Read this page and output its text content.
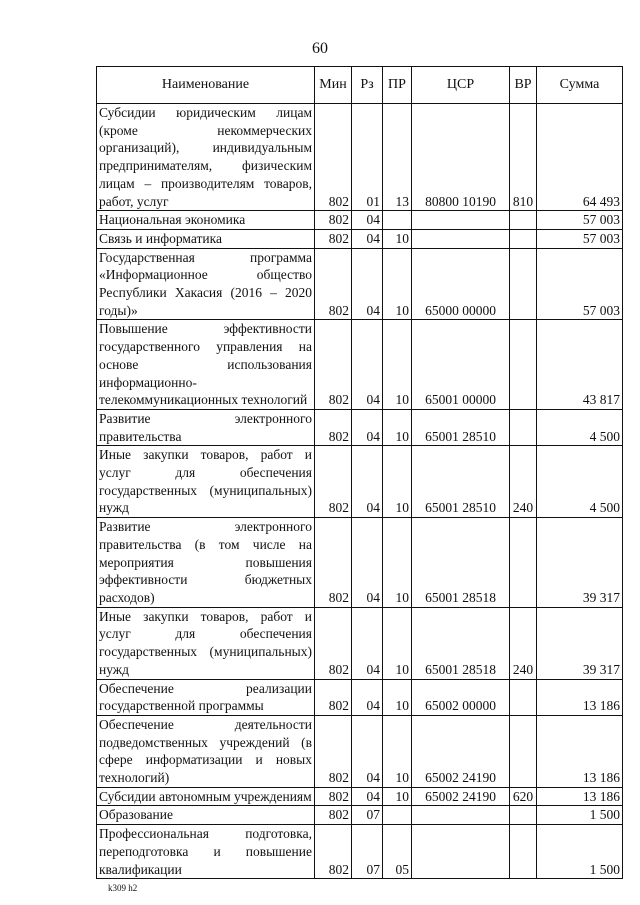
60
Наименование	Мин	Рз	ПР	ЦСР	ВР	Сумма
Субсидии юридическим лицам (кроме некоммерческих организаций), индивидуальным предпринимателям, физическим лицам – производителям товаров, работ, услуг	802	01	13	80800 10190	810	64 493
Национальная экономика	802	04				57 003
Связь и информатика	802	04	10			57 003
Государственная программа «Информационное общество Республики Хакасия (2016 – 2020 годы)»	802	04	10	65000 00000		57 003
Повышение эффективности государственного управления на основе использования информационно-телекоммуникационных технологий	802	04	10	65001 00000		43 817
Развитие электронного правительства	802	04	10	65001 28510		4 500
Иные закупки товаров, работ и услуг для обеспечения государственных (муниципальных) нужд	802	04	10	65001 28510	240	4 500
Развитие электронного правительства (в том числе на мероприятия повышения эффективности бюджетных расходов)	802	04	10	65001 28518		39 317
Иные закупки товаров, работ и услуг для обеспечения государственных (муниципальных) нужд	802	04	10	65001 28518	240	39 317
Обеспечение реализации государственной программы	802	04	10	65002 00000		13 186
Обеспечение деятельности подведомственных учреждений (в сфере информатизации и новых технологий)	802	04	10	65002 24190		13 186
Субсидии автономным учреждениям	802	04	10	65002 24190	620	13 186
Образование	802	07				1 500
Профессиональная подготовка, переподготовка и повышение квалификации	802	07	05			1 500
k309 h2
